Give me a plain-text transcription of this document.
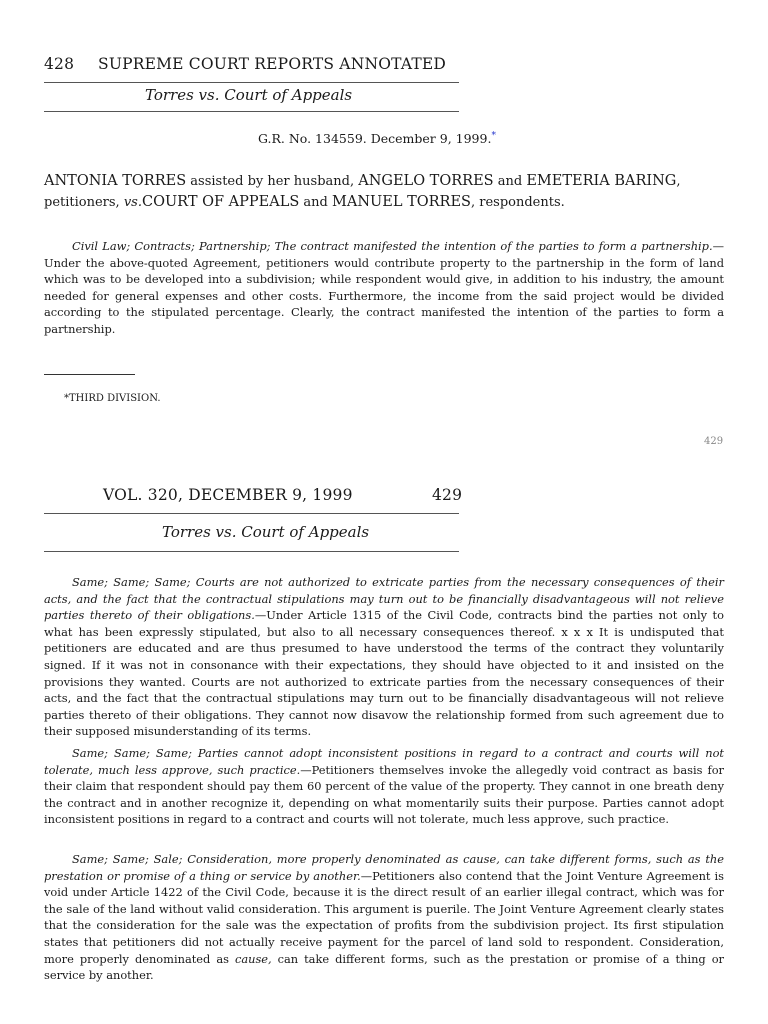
428 SUPREME COURT REPORTS ANNOTATED
Torres vs. Court of Appeals
G.R. No. 134559. December 9, 1999.*
ANTONIA TORRES assisted by her husband, ANGELO TORRES and EMETERIA BARING, petitioners, vs.COURT OF APPEALS and MANUEL TORRES, respondents.
Civil Law; Contracts; Partnership; The contract manifested the intention of the parties to form a partnership.—Under the above-quoted Agreement, petitioners would contribute property to the partnership in the form of land which was to be developed into a subdivision; while respondent would give, in addition to his industry, the amount needed for general expenses and other costs. Furthermore, the income from the said project would be divided according to the stipulated percentage. Clearly, the contract manifested the intention of the parties to form a partnership.
*THIRD DIVISION.
429
VOL. 320, DECEMBER 9, 1999	429
Torres vs. Court of Appeals
Same; Same; Same; Courts are not authorized to extricate parties from the necessary consequences of their acts, and the fact that the contractual stipulations may turn out to be financially disadvantageous will not relieve parties thereto of their obligations.—Under Article 1315 of the Civil Code, contracts bind the parties not only to what has been expressly stipulated, but also to all necessary consequences thereof. x x x It is undisputed that petitioners are educated and are thus presumed to have understood the terms of the contract they voluntarily signed. If it was not in consonance with their expectations, they should have objected to it and insisted on the provisions they wanted. Courts are not authorized to extricate parties from the necessary consequences of their acts, and the fact that the contractual stipulations may turn out to be financially disadvantageous will not relieve parties thereto of their obligations. They cannot now disavow the relationship formed from such agreement due to their supposed misunderstanding of its terms.
Same; Same; Same; Parties cannot adopt inconsistent positions in regard to a contract and courts will not tolerate, much less approve, such practice.—Petitioners themselves invoke the allegedly void contract as basis for their claim that respondent should pay them 60 percent of the value of the property. They cannot in one breath deny the contract and in another recognize it, depending on what momentarily suits their purpose. Parties cannot adopt inconsistent positions in regard to a contract and courts will not tolerate, much less approve, such practice.
Same; Same; Sale; Consideration, more properly denominated as cause, can take different forms, such as the prestation or promise of a thing or service by another.—Petitioners also contend that the Joint Venture Agreement is void under Article 1422 of the Civil Code, because it is the direct result of an earlier illegal contract, which was for the sale of the land without valid consideration. This argument is puerile. The Joint Venture Agreement clearly states that the consideration for the sale was the expectation of profits from the subdivision project. Its first stipulation states that petitioners did not actually receive payment for the parcel of land sold to respondent. Consideration, more properly denominated as cause, can take different forms, such as the prestation or promise of a thing or service by another.
